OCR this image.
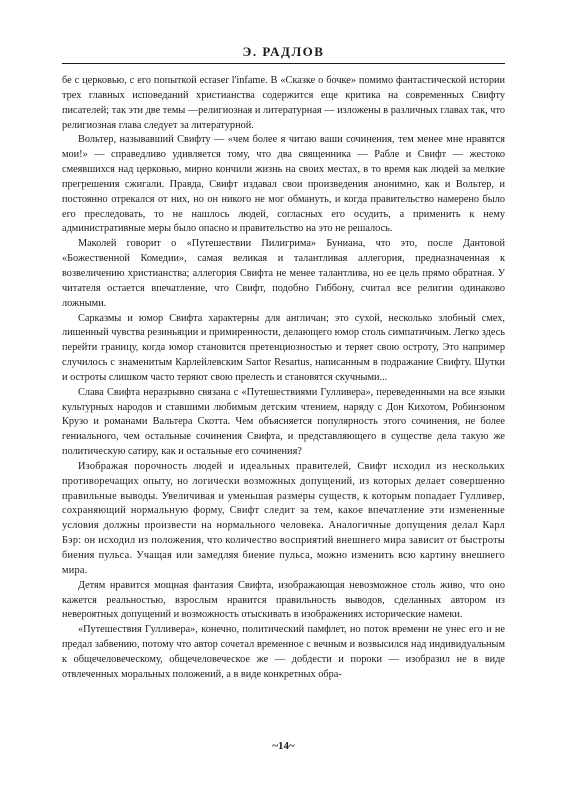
Э. РАДЛОВ

бе с церковью, с его попыткой ecraser l'infame. В «Сказке о бочке» помимо фантастической истории трех главных исповеданий христианства содержится еще критика на современных Свифту писателей; так эти две темы —религиозная и литературная — изложены в различных главах так, что религиозная глава следует за литературной.

Вольтер, называвший Свифту — «чем более я читаю ваши сочинения, тем менее мне нравятся мои!» — справедливо удивляется тому, что два священника — Рабле и Свифт — жестоко смеявшихся над церковью, мирно кончили жизнь на своих местах, в то время как людей за мелкие прегрешения сжигали. Правда, Свифт издавал свои произведения анонимно, как и Вольтер, и постоянно отрекался от них, но он никого не мог обмануть, и когда правительство намерено было его преследовать, то не нашлось людей, согласных его осудить, а применить к нему административные меры было опасно и правительство на это не решалось.

Маколей говорит о «Путешествии Пилигрима» Буниана, что это, после Дантовой «Божественной Комедии», самая великая и талантливая аллегория, предназначенная к возвеличению христианства; аллегория Свифта не менее талантлива, но ее цель прямо обратная. У читателя остается впечатление, что Свифт, подобно Гиббону, считал все религии одинаково ложными.

Сарказмы и юмор Свифта характерны для англичан; это сухой, несколько злобный смех, лишенный чувства резиньяции и примиренности, делающего юмор столь симпатичным. Легко здесь перейти границу, когда юмор становится претенциозностью и теряет свою остроту, Это например случилось с знаменитым Карлейлевским Sartor Resartus, написанным в подражание Свифту. Шутки и остроты слишком часто теряют свою прелесть и становятся скучными...

Слава Свифта неразрывно связана с «Путешествиями Гулливера», переведенными на все языки культурных народов и ставшими любимым детским чтением, наряду с Дон Кихотом, Робинзоном Крузо и романами Вальтера Скотта. Чем объясняется популярность этого сочинения, не более гениального, чем остальные сочинения Свифта, и представляющего в существе дела такую же политическую сатиру, как и остальные его сочинения?

Изображая порочность людей и идеальных правителей, Свифт исходил из нескольких противоречащих опыту, но логически возможных допущений, из которых делает совершенно правильные выводы. Увеличивая и уменьшая размеры существ, к которым попадает Гулливер, сохраняющий нормальную форму, Свифт следит за тем, какое впечатление эти измененные условия должны произвести на нормального человека. Аналогичные допущения делал Карл Бэр: он исходил из положения, что количество восприятий внешнего мира зависит от быстроты биения пульса. Учащая или замедляя биение пульса, можно изменить всю картину внешнего мира.

Детям нравится мощная фантазия Свифта, изображающая невозможное столь живо, что оно кажется реальностью, взрослым нравится правильность выводов, сделанных автором из невероятных допущений и возможность отыскивать в изображениях исторические намеки.

«Путешествия Гулливера», конечно, политический памфлет, но поток времени не унес его и не предал забвению, потому что автор сочетал временное с вечным и возвысился над индивидуальным к общечеловеческому, общечеловеческое же — добдести и пороки — изобразил не в виде отвлеченных моральных положений, а в виде конкретных обра-

~14~
